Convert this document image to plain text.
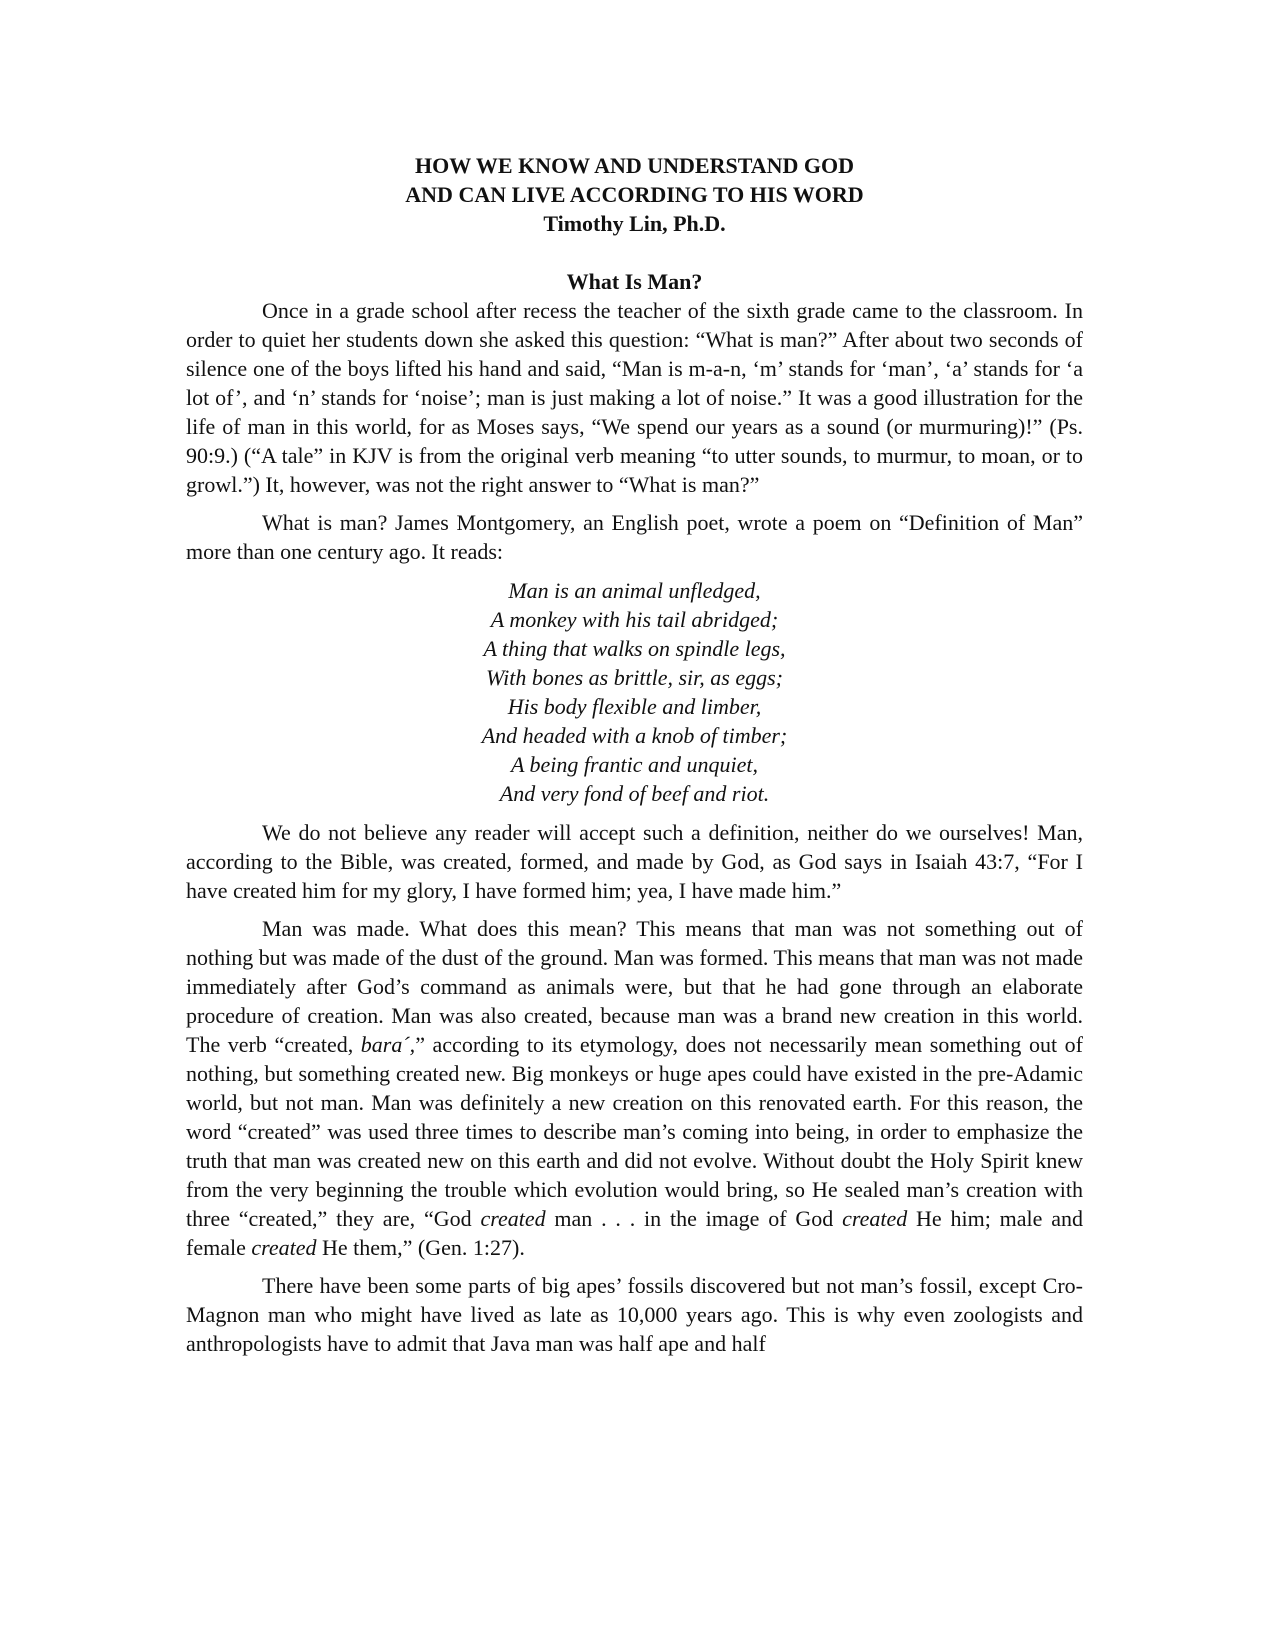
HOW WE KNOW AND UNDERSTAND GOD
AND CAN LIVE ACCORDING TO HIS WORD
Timothy Lin, Ph.D.
What Is Man?

Once in a grade school after recess the teacher of the sixth grade came to the classroom. In order to quiet her students down she asked this question: “What is man?” After about two seconds of silence one of the boys lifted his hand and said, “Man is m-a-n, ‘m’ stands for ‘man’, ‘a’ stands for ‘a lot of’, and ‘n’ stands for ‘noise’; man is just making a lot of noise.” It was a good illustration for the life of man in this world, for as Moses says, “We spend our years as a sound (or murmuring)!” (Ps. 90:9.) (“A tale” in KJV is from the original verb meaning “to utter sounds, to murmur, to moan, or to growl.”) It, however, was not the right answer to “What is man?”

What is man? James Montgomery, an English poet, wrote a poem on “Definition of Man” more than one century ago. It reads:

Man is an animal unfledged,
A monkey with his tail abridged;
A thing that walks on spindle legs,
With bones as brittle, sir, as eggs;
His body flexible and limber,
And headed with a knob of timber;
A being frantic and unquiet,
And very fond of beef and riot.

We do not believe any reader will accept such a definition, neither do we ourselves! Man, according to the Bible, was created, formed, and made by God, as God says in Isaiah 43:7, “For I have created him for my glory, I have formed him; yea, I have made him.”

Man was made. What does this mean? This means that man was not something out of nothing but was made of the dust of the ground. Man was formed. This means that man was not made immediately after God’s command as animals were, but that he had gone through an elaborate procedure of creation. Man was also created, because man was a brand new creation in this world. The verb “created, bara´,” according to its etymology, does not necessarily mean something out of nothing, but something created new. Big monkeys or huge apes could have existed in the pre-Adamic world, but not man. Man was definitely a new creation on this renovated earth. For this reason, the word “created” was used three times to describe man’s coming into being, in order to emphasize the truth that man was created new on this earth and did not evolve. Without doubt the Holy Spirit knew from the very beginning the trouble which evolution would bring, so He sealed man’s creation with three “created,” they are, “God created man . . . in the image of God created He him; male and female created He them,” (Gen. 1:27).

There have been some parts of big apes’ fossils discovered but not man’s fossil, except Cro-Magnon man who might have lived as late as 10,000 years ago. This is why even zoologists and anthropologists have to admit that Java man was half ape and half
